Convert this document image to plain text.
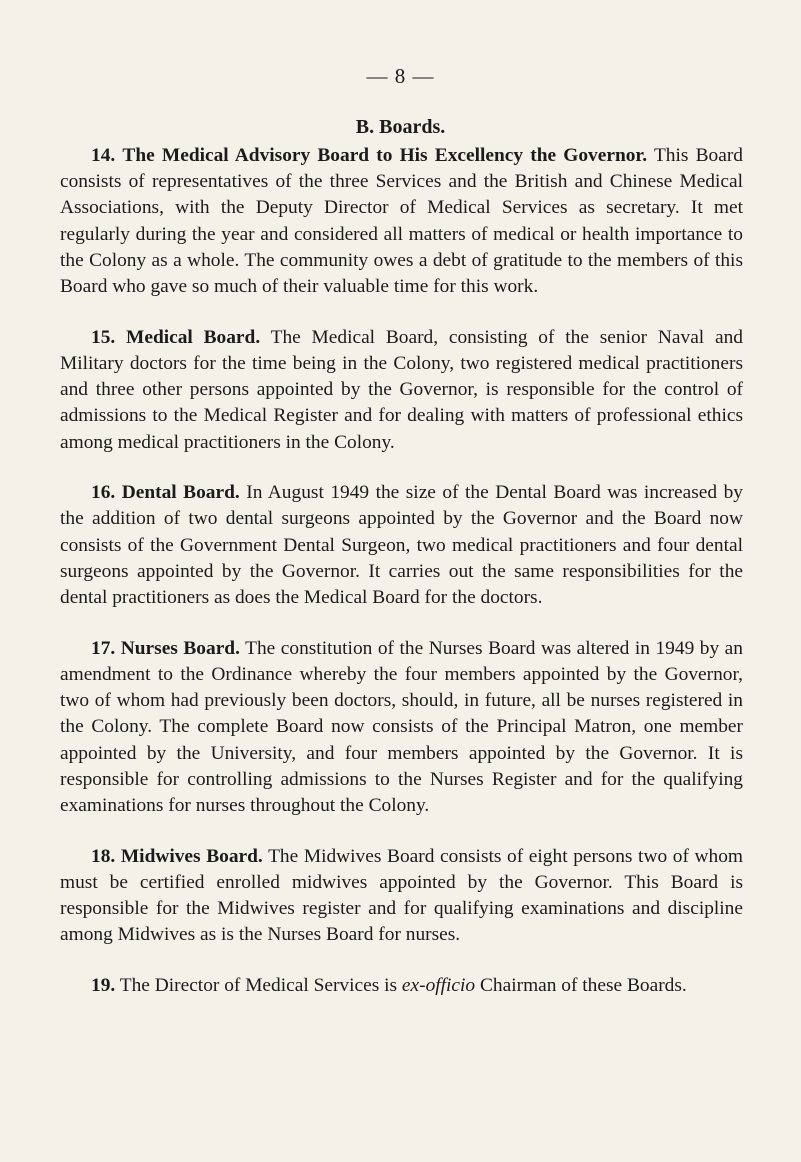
— 8 —
B. Boards.

14. The Medical Advisory Board to His Excellency the Governor. This Board consists of representatives of the three Services and the British and Chinese Medical Associations, with the Deputy Director of Medical Services as secretary. It met regularly during the year and considered all matters of medical or health importance to the Colony as a whole. The community owes a debt of gratitude to the members of this Board who gave so much of their valuable time for this work.

15. Medical Board. The Medical Board, consisting of the senior Naval and Military doctors for the time being in the Colony, two registered medical practitioners and three other persons appointed by the Governor, is responsible for the control of admissions to the Medical Register and for dealing with matters of professional ethics among medical practitioners in the Colony.

16. Dental Board. In August 1949 the size of the Dental Board was increased by the addition of two dental surgeons appointed by the Governor and the Board now consists of the Government Dental Surgeon, two medical practitioners and four dental surgeons appointed by the Governor. It carries out the same responsibilities for the dental practitioners as does the Medical Board for the doctors.

17. Nurses Board. The constitution of the Nurses Board was altered in 1949 by an amendment to the Ordinance whereby the four members appointed by the Governor, two of whom had previously been doctors, should, in future, all be nurses registered in the Colony. The complete Board now consists of the Principal Matron, one member appointed by the University, and four members appointed by the Governor. It is responsible for controlling admissions to the Nurses Register and for the qualifying examinations for nurses throughout the Colony.

18. Midwives Board. The Midwives Board consists of eight persons two of whom must be certified enrolled midwives appointed by the Governor. This Board is responsible for the Midwives register and for qualifying examinations and discipline among Midwives as is the Nurses Board for nurses.

19. The Director of Medical Services is ex-officio Chairman of these Boards.
